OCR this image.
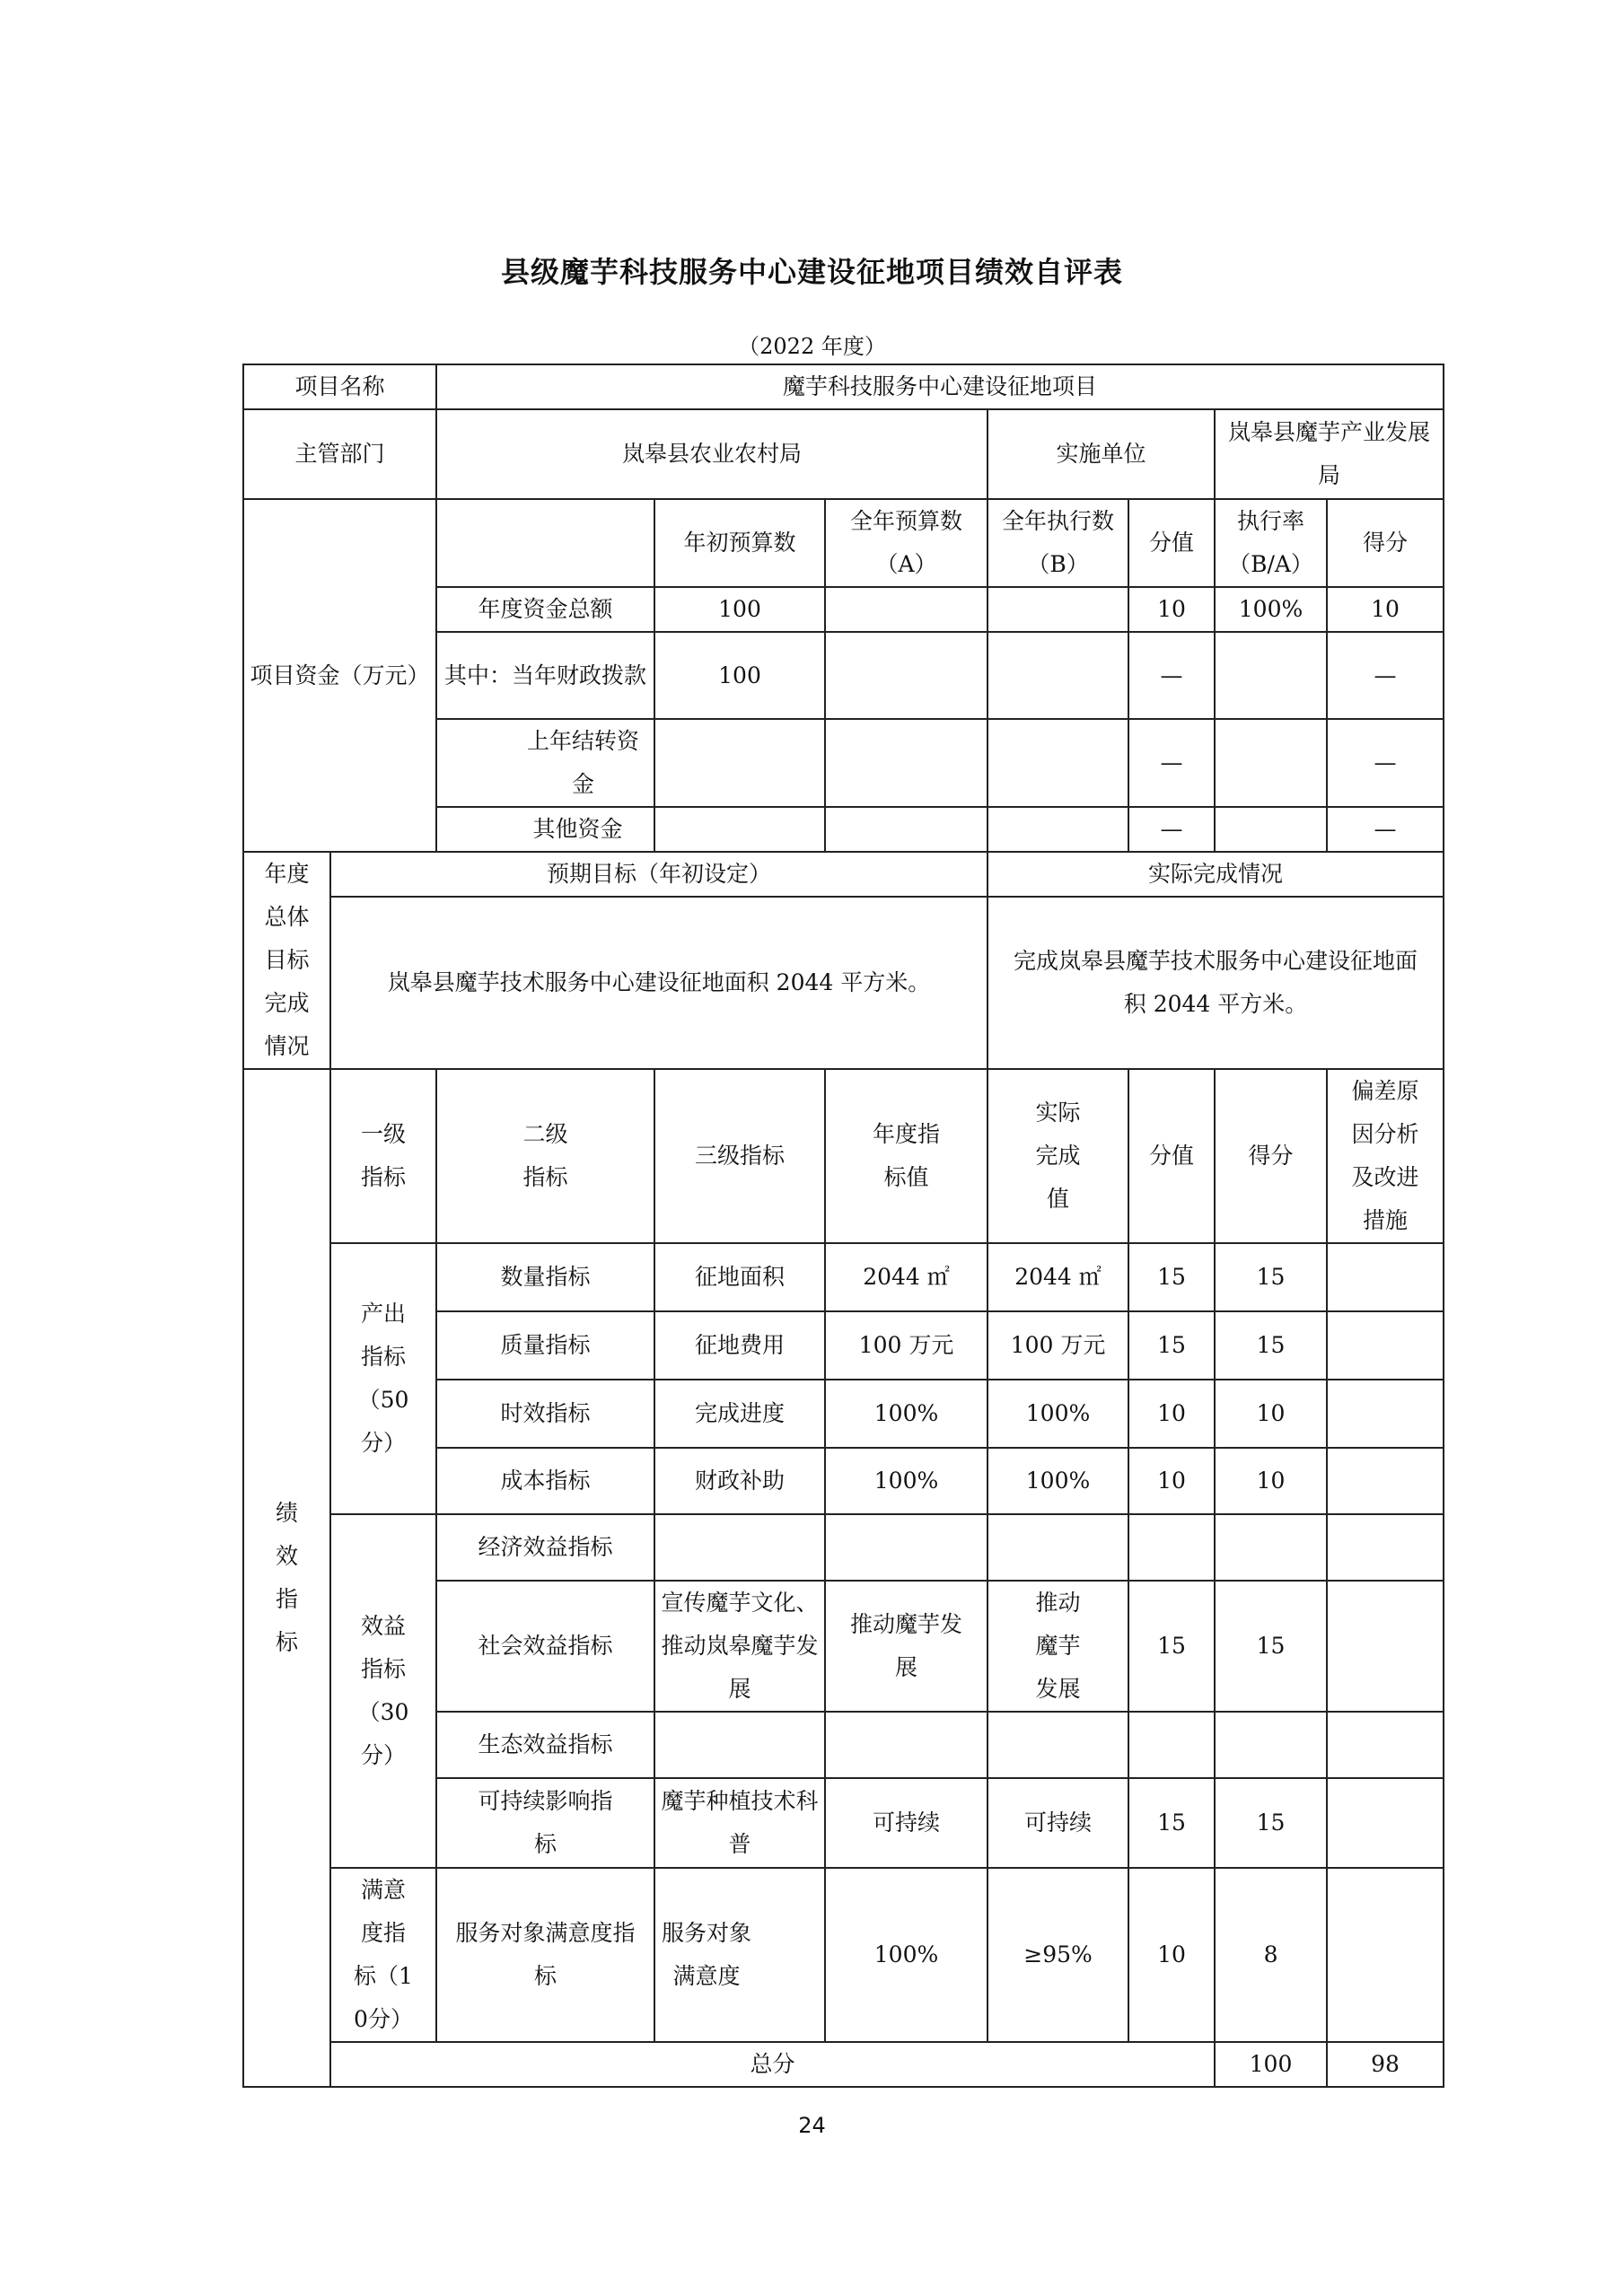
县级魔芋科技服务中心建设征地项目绩效自评表
（2022 年度）
项目名称		魔芋科技服务中心建设征地项目							
主管部门		岚皋县农业农村局			实施单位		岚皋县魔芋产业发展局		
项目资金（万元）			年初预算数	全年预算数（A）	全年执行数（B）	分值	执行率（B/A）	得分	
		年度资金总额	100			10	100%	10	
		其中：当年财政拨款	100			—		—	
		上年结转资金				—		—	
		其他资金				—		—	
年度总体目标完成情况	预期目标（年初设定）				实际完成情况				
	岚皋县魔芋技术服务中心建设征地面积 2044 平方米。				完成岚皋县魔芋技术服务中心建设征地面积 2044 平方米。				
绩效指标	一级指标	二级指标	三级指标	年度指标值	实际完成值	分值	得分	偏差原因分析及改进措施	
	产出指标（50分）	数量指标	征地面积	2044 ㎡	2044 ㎡	15	15		
		质量指标	征地费用	100 万元	100 万元	15	15		
		时效指标	完成进度	100%	100%	10	10		
		成本指标	财政补助	100%	100%	10	10		
	效益指标（30分）	经济效益指标							
		社会效益指标	宣传魔芋文化、推动岚皋魔芋发展	推动魔芋发展	推动魔芋发展	15	15		
		生态效益指标							
		可持续影响指标	魔芋种植技术科普	可持续	可持续	15	15		
	满意度指标（10分）	服务对象满意度指标	服务对象满意度	100%	≥95%	10	8		
	总分						100	98	
24
